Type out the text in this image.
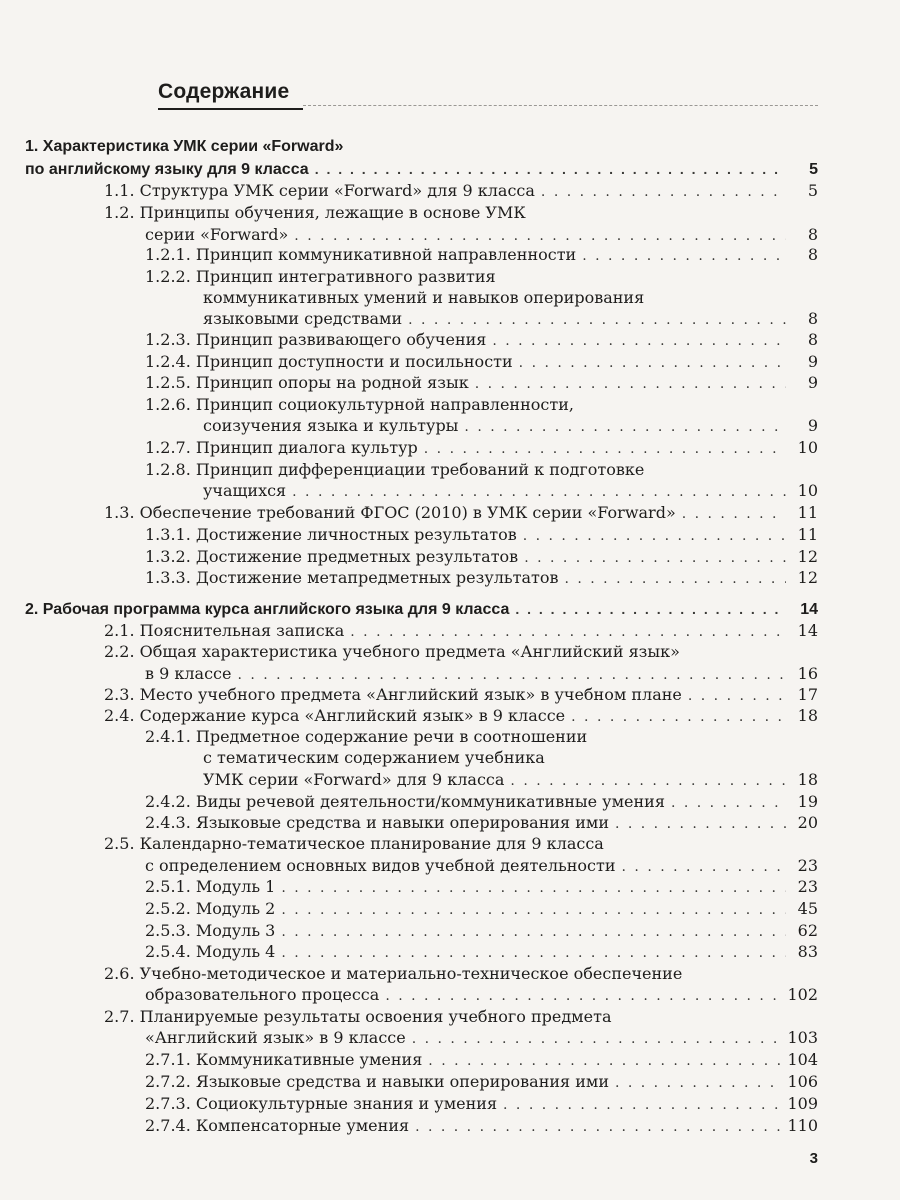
Содержание
1. Характеристика УМК серии «Forward»
по английскому языку для 9 класса . . .	5
1.1. Структура УМК серии «Forward» для 9 класса . . .	5
1.2. Принципы обучения, лежащие в основе УМК
серии «Forward» . . .	8
1.2.1. Принцип коммуникативной направленности . . .	8
1.2.2. Принцип интегративного развития
коммуникативных умений и навыков оперирования
языковыми средствами . . .	8
1.2.3. Принцип развивающего обучения . . .	8
1.2.4. Принцип доступности и посильности . . .	9
1.2.5. Принцип опоры на родной язык . . .	9
1.2.6. Принцип социокультурной направленности,
соизучения языка и культуры . . .	9
1.2.7. Принцип диалога культур . . .	10
1.2.8. Принцип дифференциации требований к подготовке
учащихся . . .	10
1.3. Обеспечение требований ФГОС (2010) в УМК серии «Forward» . . .	11
1.3.1. Достижение личностных результатов . . .	11
1.3.2. Достижение предметных результатов . . .	12
1.3.3. Достижение метапредметных результатов . . .	12
2. Рабочая программа курса английского языка для 9 класса . . .	14
2.1. Пояснительная записка . . .	14
2.2. Общая характеристика учебного предмета «Английский язык»
в 9 классе . . .	16
2.3. Место учебного предмета «Английский язык» в учебном плане . . .	17
2.4. Содержание курса «Английский язык» в 9 классе . . .	18
2.4.1. Предметное содержание речи в соотношении
с тематическим содержанием учебника
УМК серии «Forward» для 9 класса . . .	18
2.4.2. Виды речевой деятельности/коммуникативные умения . . .	19
2.4.3. Языковые средства и навыки оперирования ими . . .	20
2.5. Календарно-тематическое планирование для 9 класса
с определением основных видов учебной деятельности . . .	23
2.5.1. Модуль 1 . . .	23
2.5.2. Модуль 2 . . .	45
2.5.3. Модуль 3 . . .	62
2.5.4. Модуль 4 . . .	83
2.6. Учебно-методическое и материально-техническое обеспечение
образовательного процесса . . .	102
2.7. Планируемые результаты освоения учебного предмета
«Английский язык» в 9 классе . . .	103
2.7.1. Коммуникативные умения . . .	104
2.7.2. Языковые средства и навыки оперирования ими . . .	106
2.7.3. Социокультурные знания и умения . . .	109
2.7.4. Компенсаторные умения . . .	110
3
